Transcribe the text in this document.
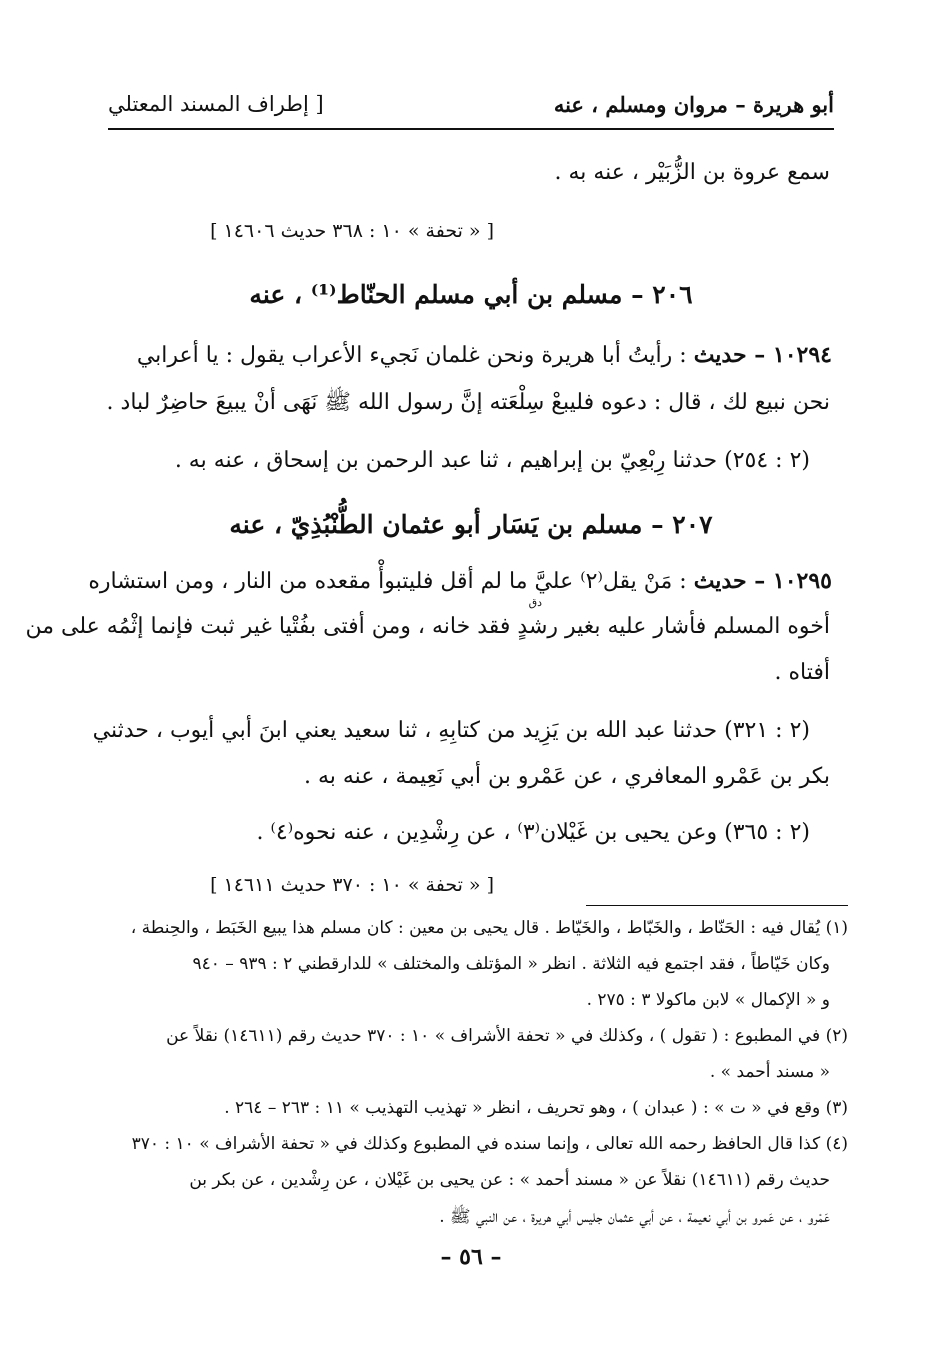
أبو هريرة – مروان ومسلم ، عنه
[ إطراف المسند المعتلي
سمع عروة بن الزُّبَيْر ، عنه به .
[ « تحفة » ١٠ : ٣٦٨ حديث ١٤٦٠٦ ]
٢٠٦ – مسلم بن أبي مسلم الحنّاط⁽¹⁾ ، عنه
١٠٢٩٤ – حديث : رأيتُ أبا هريرة ونحن غلمان نَجيء الأعراب يقول : يا أعرابي
نحن نبيع لك ، قال : دعوه فليبعْ سِلْعَته إنَّ رسول الله ﷺ نَهَى أنْ يبيعَ حاضِرٌ لباد .
(٢ : ٢٥٤) حدثنا رِبْعِيّ بن إبراهيم ، ثنا عبد الرحمن بن إسحاق ، عنه به .
٢٠٧ – مسلم بن يَسَار أبو عثمان الطُّنْبُذِيّ ، عنه
١٠٢٩٥ – حديث : مَنْ يقل⁽٢⁾ عليَّ ما لم أقل فليتبوأْ مقعده من النار ، ومن استشاره
دق
أخوه المسلم فأشار عليه بغير رشدٍ فقد خانه ، ومن أفتى بفُتْيا غير ثبت فإنما إثْمُه على من
أفتاه .
(٢ : ٣٢١) حدثنا عبد الله بن يَزِيد من كتابِهِ ، ثنا سعيد يعني ابنَ أبي أيوب ، حدثني
بكر بن عَمْرو المعافري ، عن عَمْرو بن أبي نَعِيمة ، عنه به .
(٢ : ٣٦٥) وعن يحيى بن غَيْلان⁽٣⁾ ، عن رِشْدِين ، عنه نحوه⁽٤⁾ .
[ « تحفة » ١٠ : ٣٧٠ حديث ١٤٦١١ ]
(١) يُقال فيه : الحَنّاط ، والخَبّاط ، والخَيّاط . قال يحيى بن معين : كان مسلم هذا يبيع الخَبَط ، والحِنطة ،
وكان خَيّاطاً ، فقد اجتمع فيه الثلاثة . انظر « المؤتلف والمختلف » للدارقطني ٢ : ٩٣٩ – ٩٤٠
و « الإكمال » لابن ماكولا ٣ : ٢٧٥ .
(٢) في المطبوع : ( تقول ) ، وكذلك في « تحفة الأشراف » ١٠ : ٣٧٠ حديث رقم (١٤٦١١) نقلاً عن
« مسند أحمد » .
(٣) وقع في « ت » : ( عبدان ) ، وهو تحريف ، انظر « تهذيب التهذيب » ١١ : ٢٦٣ – ٢٦٤ .
(٤) كذا قال الحافظ رحمه الله تعالى ، وإنما سنده في المطبوع وكذلك في « تحفة الأشراف » ١٠ : ٣٧٠
حديث رقم (١٤٦١١) نقلاً عن « مسند أحمد » : عن يحيى بن غَيْلان ، عن رِشْدين ، عن بكر بن
عَمْرو ، عن عَمرو بن أبي نعيمة ، عن أبي عثمان جليس أبي هريرة ، عن النبي ﷺ .
– ٥٦ –
